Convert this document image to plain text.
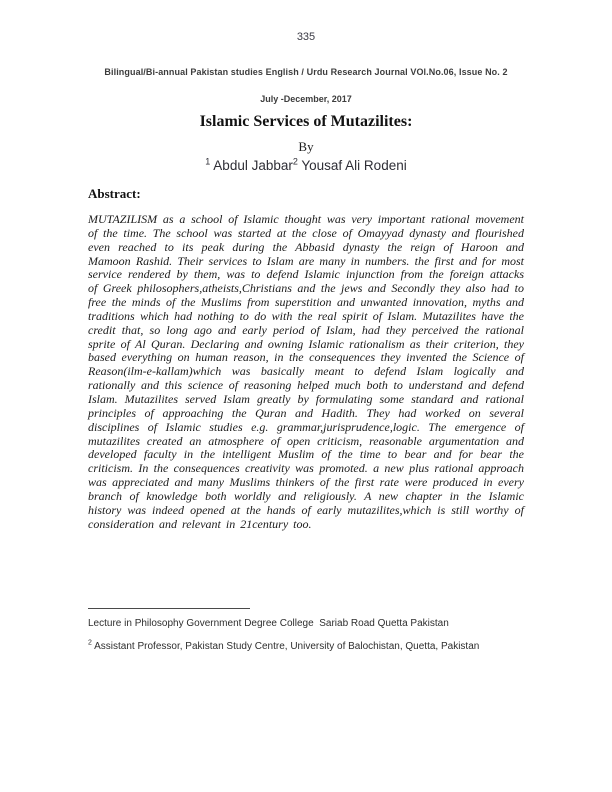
335
Bilingual/Bi-annual Pakistan studies English / Urdu Research Journal VOl.No.06, Issue No. 2
July -December, 2017
Islamic Services of Mutazilites:
By
$^1$ Abdul Jabbar$^2$ Yousaf Ali Rodeni
Abstract:

MUTAZILISM as a school of Islamic thought was very important rational movement of the time. The school was started at the close of Omayyad dynasty and flourished even reached to its peak during the Abbasid dynasty the reign of Haroon and Mamoon Rashid. Their services to Islam are many in numbers. the first and for most service rendered by them, was to defend Islamic injunction from the foreign attacks of Greek philosophers,atheists,Christians and the jews and Secondly they also had to free the minds of the Muslims from superstition and unwanted innovation, myths and traditions which had nothing to do with the real spirit of Islam. Mutazilites have the credit that, so long ago and early period of Islam, had they perceived the rational sprite of Al Quran. Declaring and owning Islamic rationalism as their criterion, they based everything on human reason, in the consequences they invented the Science of Reason(ilm-e-kallam)which was basically meant to defend Islam logically and rationally and this science of reasoning helped much both to understand and defend Islam. Mutazilites served Islam greatly by formulating some standard and rational principles of approaching the Quran and Hadith. They had worked on several disciplines of Islamic studies e.g. grammar,jurisprudence,logic. The emergence of mutazilites created an atmosphere of open criticism, reasonable argumentation and developed faculty in the intelligent Muslim of the time to bear and for bear the criticism. In the consequences creativity was promoted. a new plus rational approach was appreciated and many Muslims thinkers of the first rate were produced in every branch of knowledge both worldly and religiously. A new chapter in the Islamic history was indeed opened at the hands of early mutazilites,which is still worthy of consideration and relevant in 21century too.

Lecture in Philosophy Government Degree College  Sariab Road Quetta Pakistan
$^2$ Assistant Professor, Pakistan Study Centre, University of Balochistan, Quetta, Pakistan
